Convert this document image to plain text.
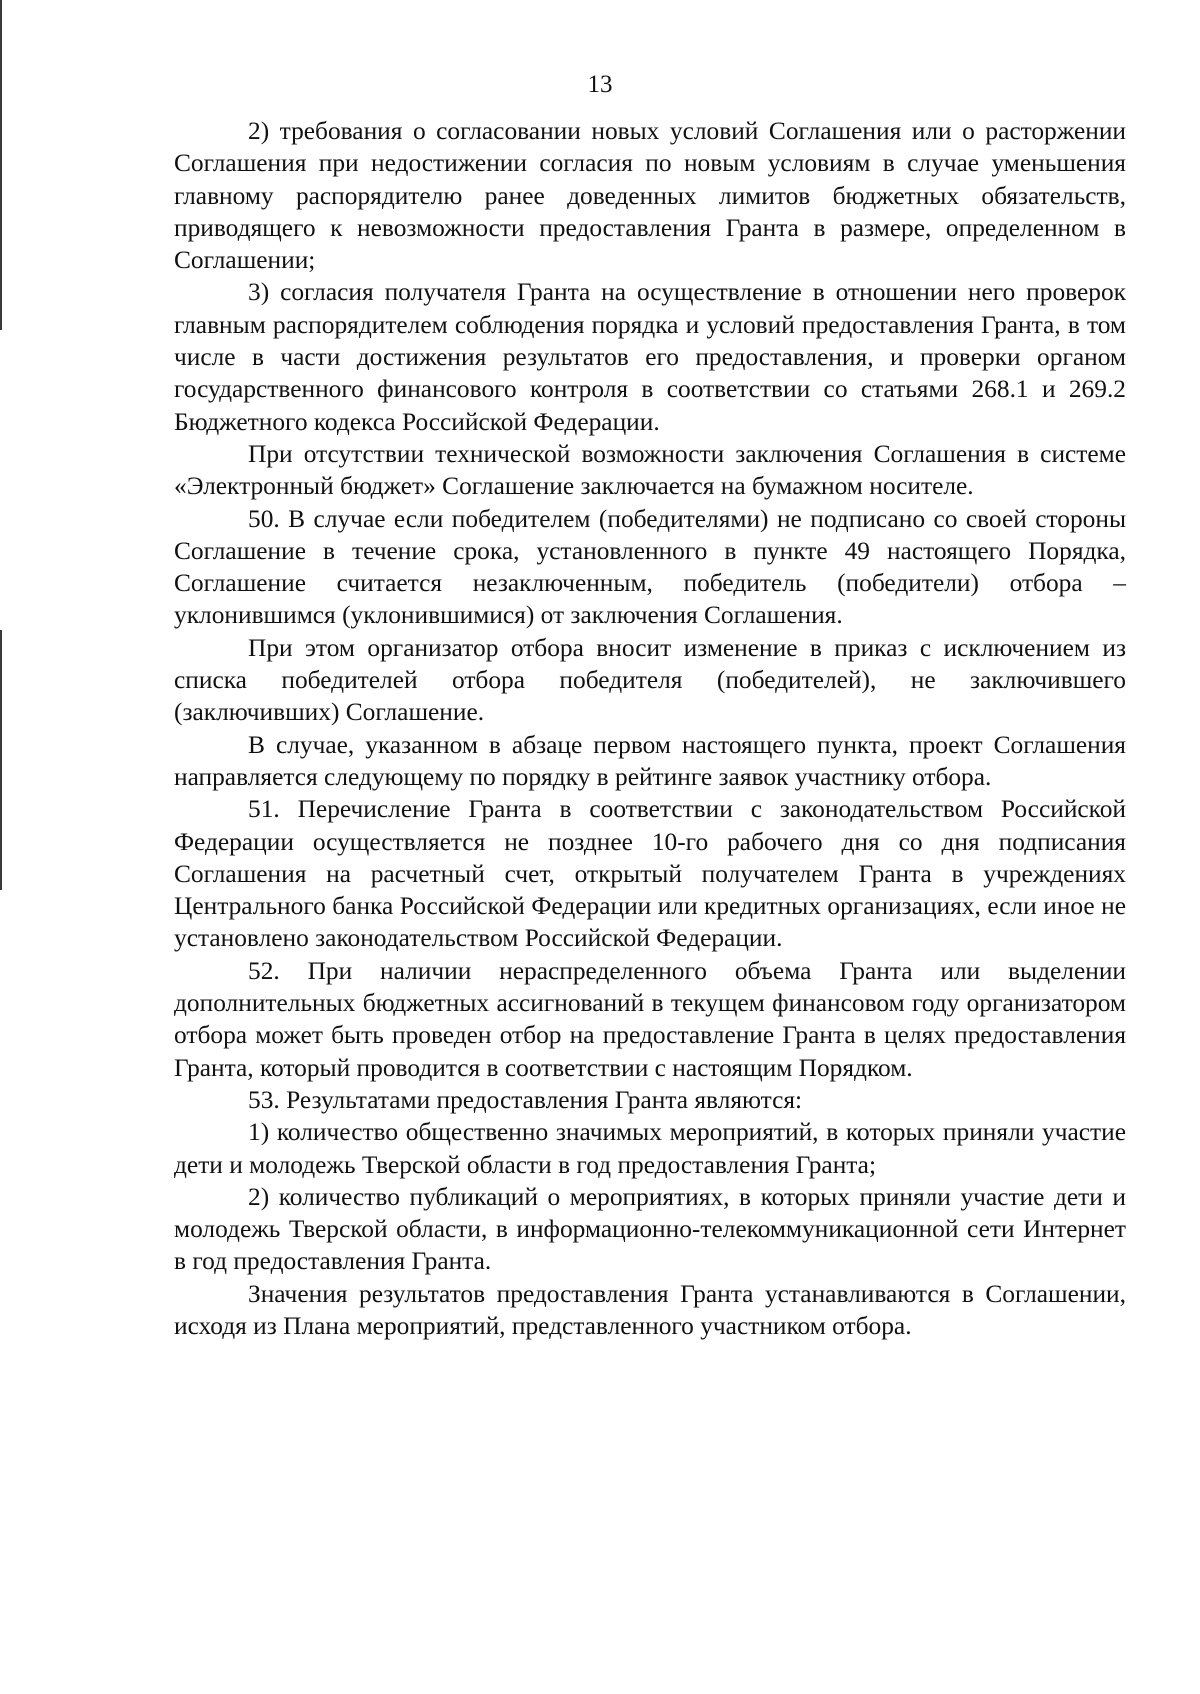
13

2) требования о согласовании новых условий Соглашения или о расторжении Соглашения при недостижении согласия по новым условиям в случае уменьшения главному распорядителю ранее доведенных лимитов бюджетных обязательств, приводящего к невозможности предоставления Гранта в размере, определенном в Соглашении;

3) согласия получателя Гранта на осуществление в отношении него проверок главным распорядителем соблюдения порядка и условий предоставления Гранта, в том числе в части достижения результатов его предоставления, и проверки органом государственного финансового контроля в соответствии со статьями 268.1 и 269.2 Бюджетного кодекса Российской Федерации.

При отсутствии технической возможности заключения Соглашения в системе «Электронный бюджет» Соглашение заключается на бумажном носителе.

50. В случае если победителем (победителями) не подписано со своей стороны Соглашение в течение срока, установленного в пункте 49 настоящего Порядка, Соглашение считается незаключенным, победитель (победители) отбора – уклонившимся (уклонившимися) от заключения Соглашения.

При этом организатор отбора вносит изменение в приказ с исключением из списка победителей отбора победителя (победителей), не заключившего (заключивших) Соглашение.

В случае, указанном в абзаце первом настоящего пункта, проект Соглашения направляется следующему по порядку в рейтинге заявок участнику отбора.

51. Перечисление Гранта в соответствии с законодательством Российской Федерации осуществляется не позднее 10-го рабочего дня со дня подписания Соглашения на расчетный счет, открытый получателем Гранта в учреждениях Центрального банка Российской Федерации или кредитных организациях, если иное не установлено законодательством Российской Федерации.

52. При наличии нераспределенного объема Гранта или выделении дополнительных бюджетных ассигнований в текущем финансовом году организатором отбора может быть проведен отбор на предоставление Гранта в целях предоставления Гранта, который проводится в соответствии с настоящим Порядком.

53. Результатами предоставления Гранта являются:

1) количество общественно значимых мероприятий, в которых приняли участие дети и молодежь Тверской области в год предоставления Гранта;

2) количество публикаций о мероприятиях, в которых приняли участие дети и молодежь Тверской области, в информационно-телекоммуникационной сети Интернет в год предоставления Гранта.

Значения результатов предоставления Гранта устанавливаются в Соглашении, исходя из Плана мероприятий, представленного участником отбора.
